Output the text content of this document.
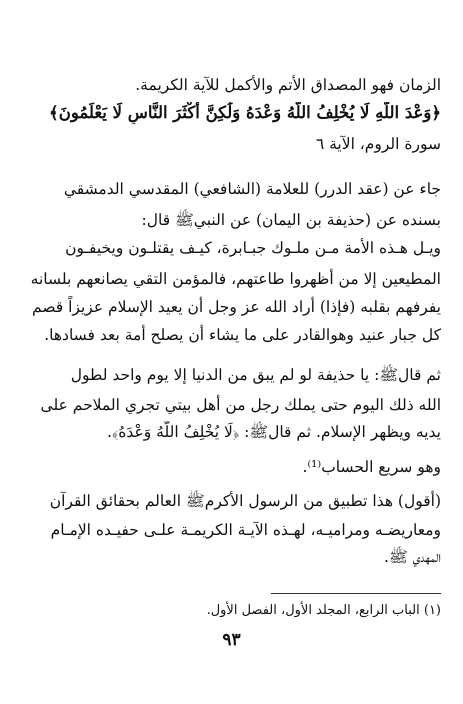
الزمان فهو المصداق الأتم والأكمل للآية الكريمة.
﴿وَعْدَ اللَّهِ لَا يُخْلِفُ اللَّهُ وَعْدَهُ وَلَٰكِنَّ أَكْثَرَ النَّاسِ لَا يَعْلَمُونَ﴾
سورة الروم، الآية ٦
جاء عن (عقد الدرر) للعلامة (الشافعي) المقدسي الدمشقي
بسنده عن (حذيفة بن اليمان) عن النبيﷺ قال:
ويـل هـذه الأمة مـن ملـوك جبـابرة، كيـف يقتلـون ويخيفـون
المطيعين إلا من أظهروا طاعتهم، فالمؤمن التقي يصانعهم بلسانه
يفرفهم بقلبه (فإذا) أراد الله عز وجل أن يعيد الإسلام عزيزاً قصم
كل جبار عنيد وهوالقادر على ما يشاء أن يصلح أمة بعد فسادها.
ثم قالﷺ: يا حذيفة لو لم يبق من الدنيا إلا يوم واحد لطول
الله ذلك اليوم حتى يملك رجل من أهل بيتي تجري الملاحم على
يديه ويظهر الإسلام. ثم قالﷺ: ﴿لَا يُخْلِفُ اللَّهُ وَعْدَهُ﴾.
وهو سريع الحساب⁽¹⁾.
(أقول) هذا تطبيق من الرسول الأكرمﷺ العالم بحقائق القرآن
ومعاريضـه ومراميـه، لهـذه الآيـة الكريمـة علـى حفيـده الإمـام
المهدي ﷺ.
(١) الباب الرابع، المجلد الأول، الفصل الأول.
٩٣
